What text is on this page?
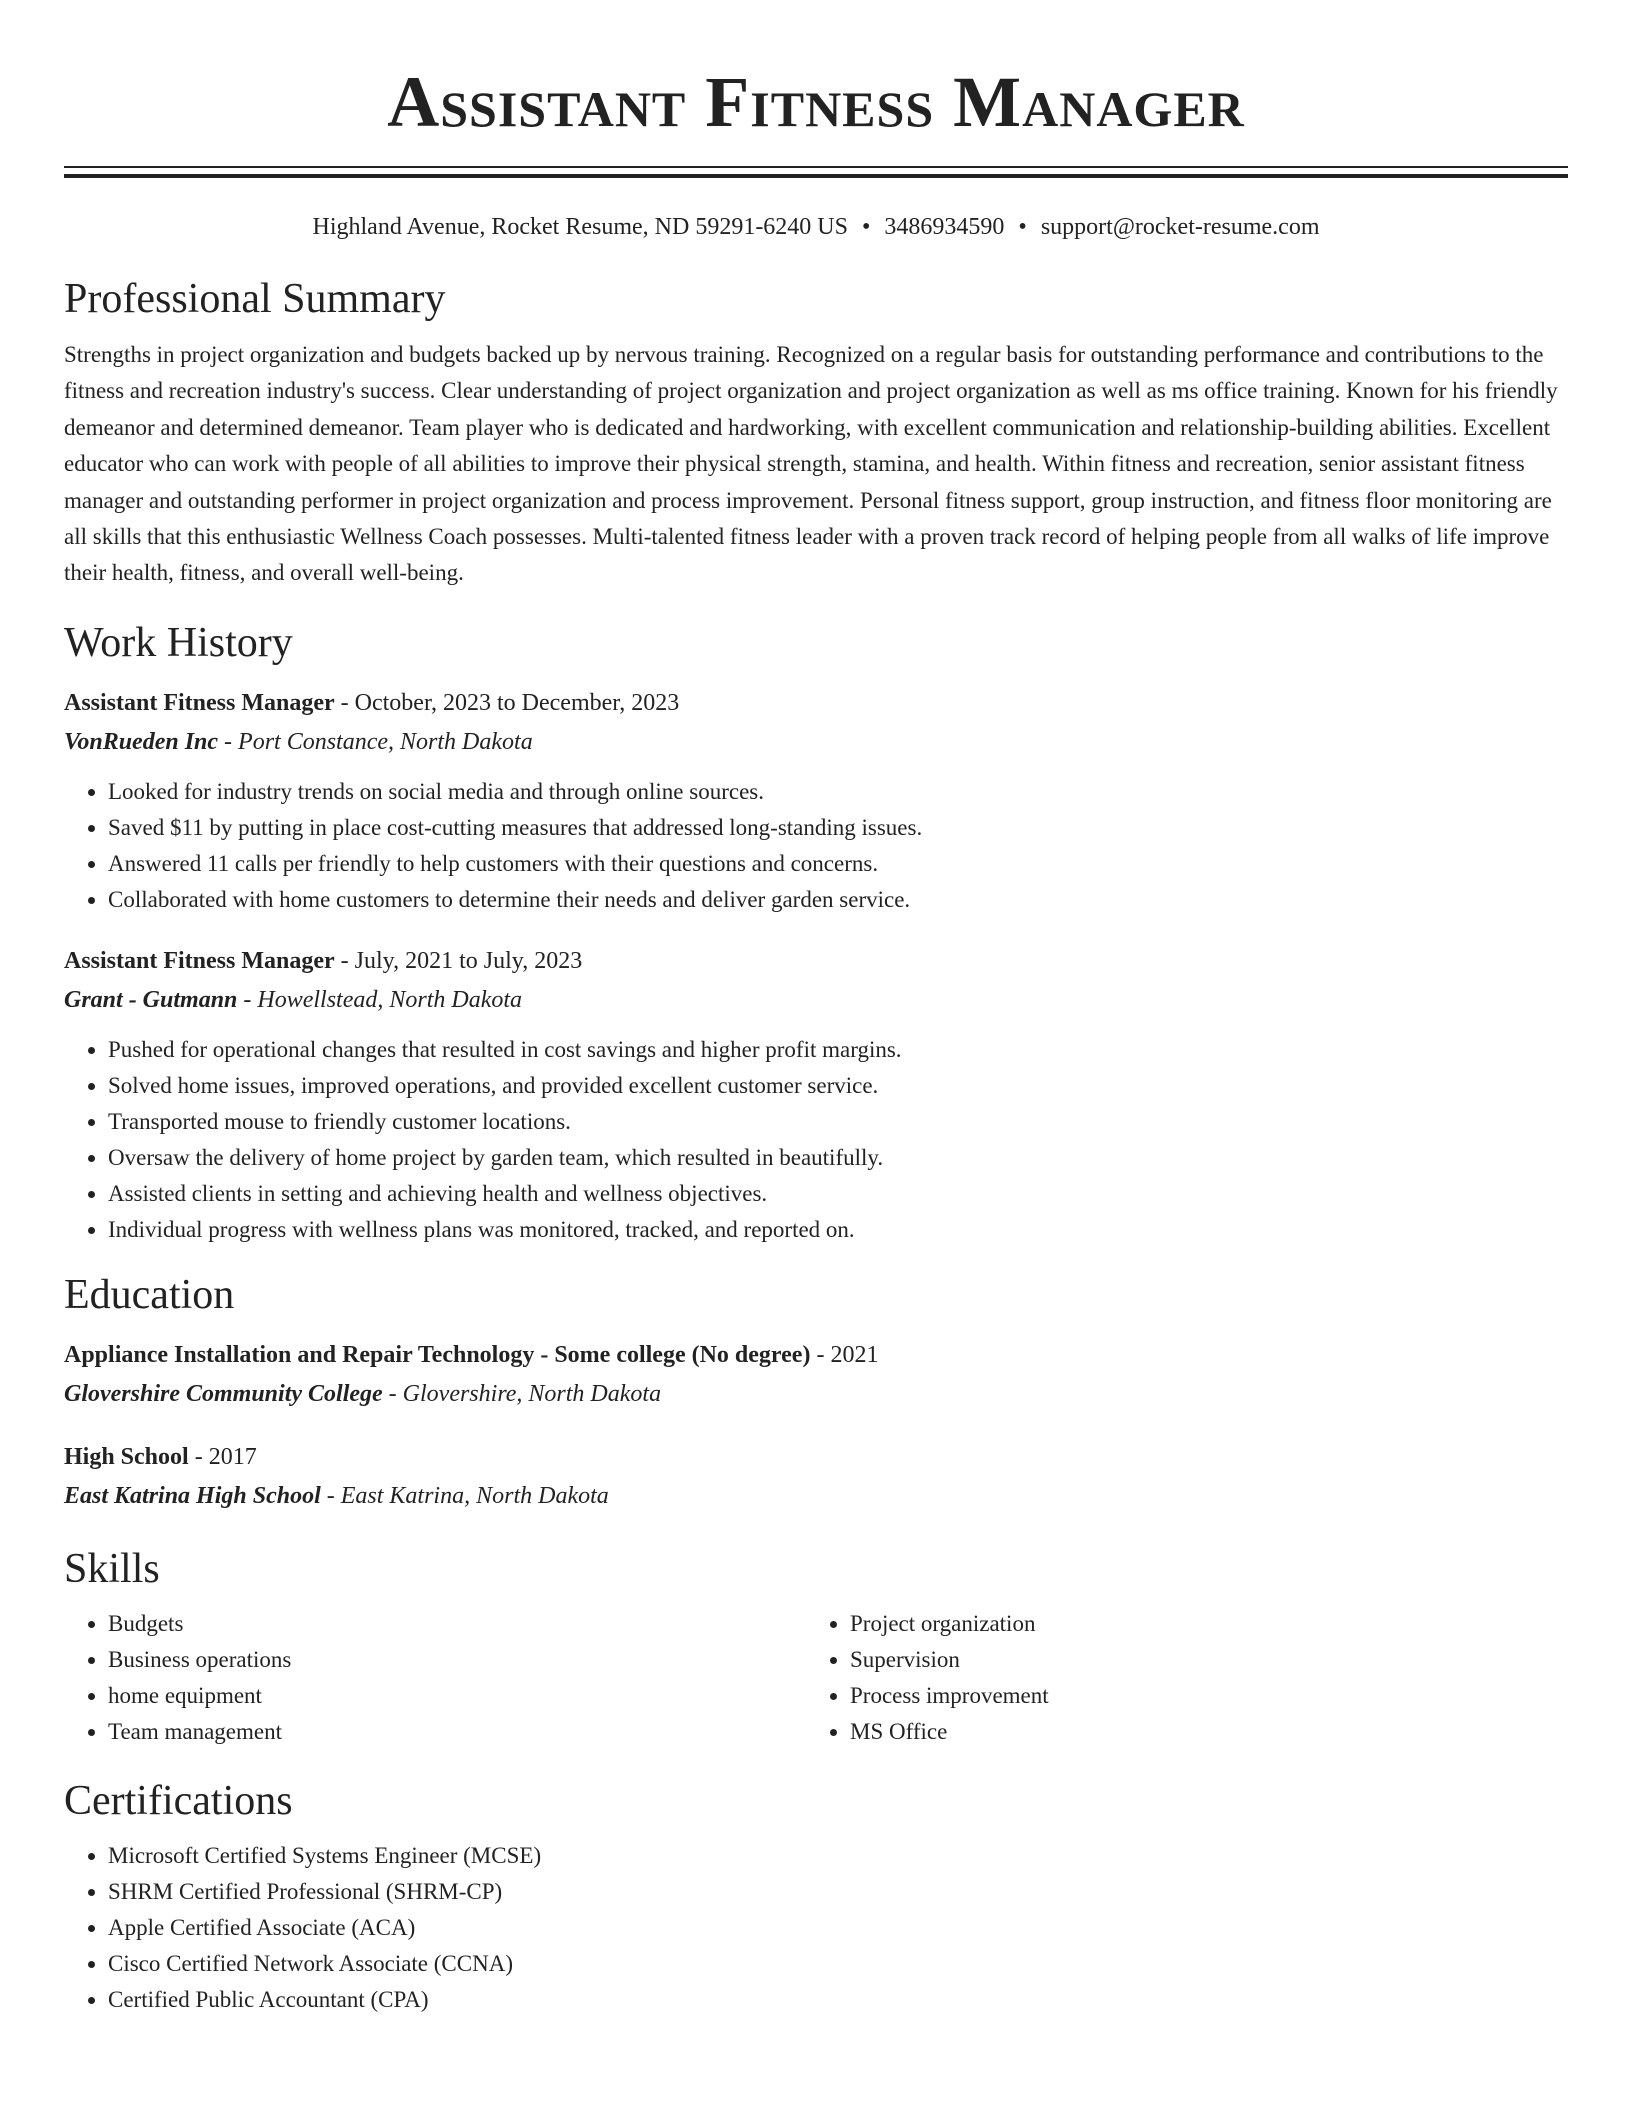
Assistant Fitness Manager
Highland Avenue, Rocket Resume, ND 59291-6240 US • 3486934590 • support@rocket-resume.com
Professional Summary

Strengths in project organization and budgets backed up by nervous training. Recognized on a regular basis for outstanding performance and contributions to the fitness and recreation industry's success. Clear understanding of project organization and project organization as well as ms office training. Known for his friendly demeanor and determined demeanor. Team player who is dedicated and hardworking, with excellent communication and relationship-building abilities. Excellent educator who can work with people of all abilities to improve their physical strength, stamina, and health. Within fitness and recreation, senior assistant fitness manager and outstanding performer in project organization and process improvement. Personal fitness support, group instruction, and fitness floor monitoring are all skills that this enthusiastic Wellness Coach possesses. Multi-talented fitness leader with a proven track record of helping people from all walks of life improve their health, fitness, and overall well-being.

Work History
Assistant Fitness Manager - October, 2023 to December, 2023
VonRueden Inc - Port Constance, North Dakota
• Looked for industry trends on social media and through online sources.
• Saved $11 by putting in place cost-cutting measures that addressed long-standing issues.
• Answered 11 calls per friendly to help customers with their questions and concerns.
• Collaborated with home customers to determine their needs and deliver garden service.
Assistant Fitness Manager - July, 2021 to July, 2023
Grant - Gutmann - Howellstead, North Dakota
• Pushed for operational changes that resulted in cost savings and higher profit margins.
• Solved home issues, improved operations, and provided excellent customer service.
• Transported mouse to friendly customer locations.
• Oversaw the delivery of home project by garden team, which resulted in beautifully.
• Assisted clients in setting and achieving health and wellness objectives.
• Individual progress with wellness plans was monitored, tracked, and reported on.
Education
Appliance Installation and Repair Technology - Some college (No degree) - 2021
Glovershire Community College - Glovershire, North Dakota
High School - 2017
East Katrina High School - East Katrina, North Dakota
Skills
• Budgets
• Business operations
• home equipment
• Team management
• Project organization
• Supervision
• Process improvement
• MS Office
Certifications
• Microsoft Certified Systems Engineer (MCSE)
• SHRM Certified Professional (SHRM-CP)
• Apple Certified Associate (ACA)
• Cisco Certified Network Associate (CCNA)
• Certified Public Accountant (CPA)
